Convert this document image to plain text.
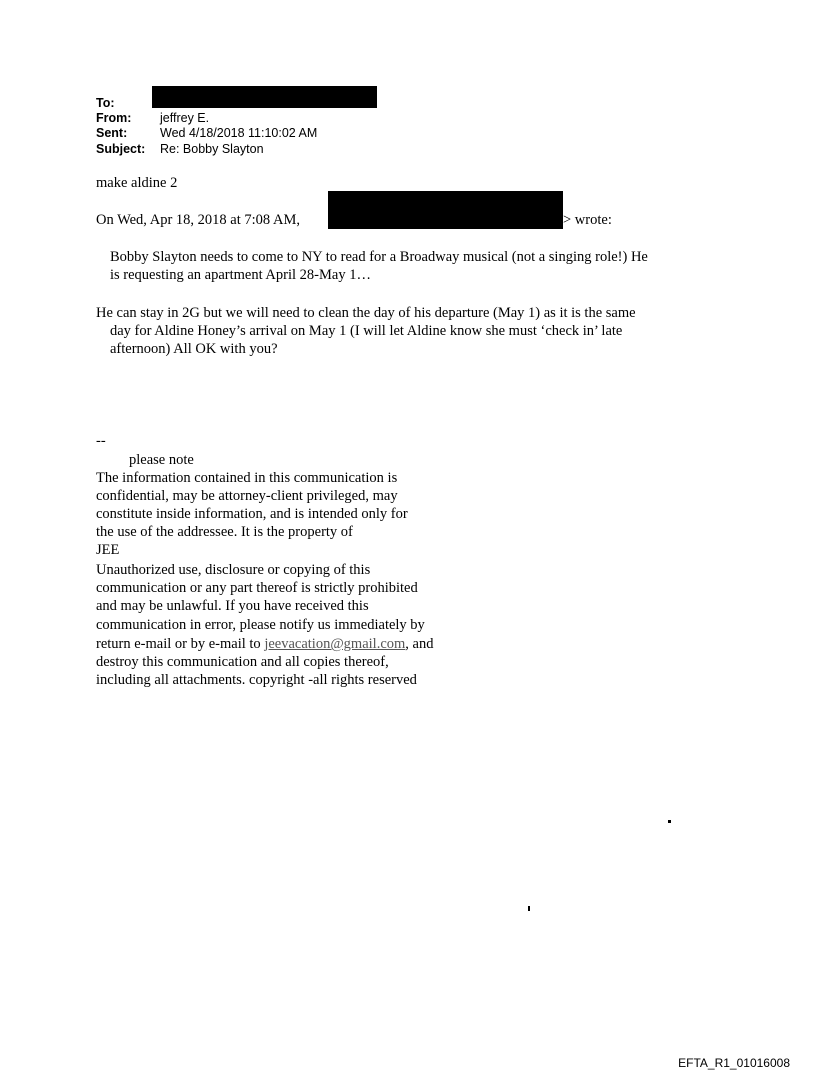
To:
From: jeffrey E.
Sent:	Wed 4/18/2018 11:10:02 AM
Subject: Re: Bobby Slayton
make aldine 2
On Wed, Apr 18, 2018 at 7:08 AM,	> wrote:
Bobby Slayton needs to come to NY to read for a Broadway musical (not a singing role!) He
is requesting an apartment April 28-May 1…
He can stay in 2G but we will need to clean the day of his departure (May 1) as it is the same
day for Aldine Honey’s arrival on May 1 (I will let Aldine know she must ‘check in’ late
afternoon) All OK with you?
--
please note
The information contained in this communication is
confidential, may be attorney-client privileged, may
constitute inside information, and is intended only for
the use of the addressee. It is the property of
JEE
Unauthorized use, disclosure or copying of this
communication or any part thereof is strictly prohibited
and may be unlawful. If you have received this
communication in error, please notify us immediately by
return e-mail or by e-mail to jeevacation@gmail.com, and
destroy this communication and all copies thereof,
including all attachments. copyright -all rights reserved
EFTA_R1_01016008
